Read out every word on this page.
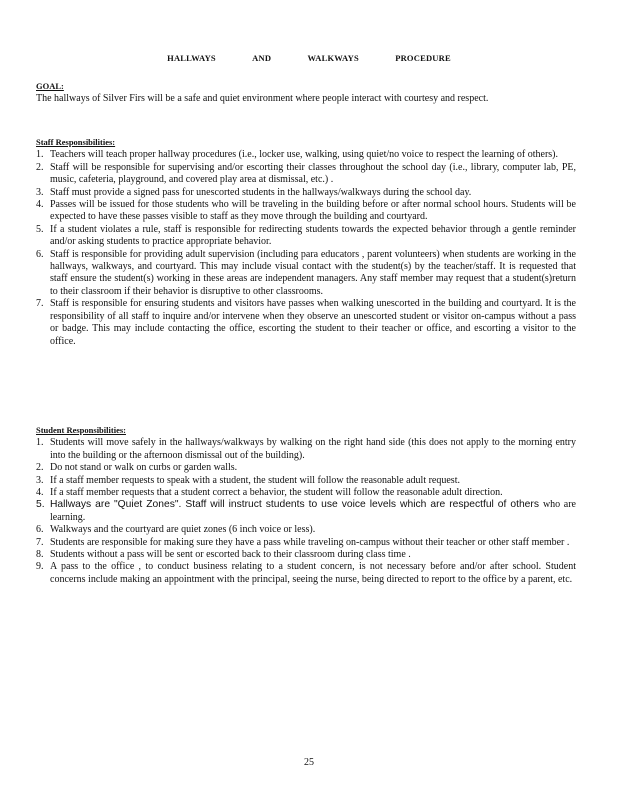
HALLWAYS	AND	WALKWAYS	PROCEDURE
GOAL:
The hallways of Silver Firs will be a safe and quiet environment where people interact with courtesy and respect.
Staff Responsibilities:
1. Teachers will teach proper hallway procedures (i.e., locker use, walking, using quiet/no voice to respect the learning of others).
2. Staff will be responsible for supervising and/or escorting their classes throughout the school day (i.e., library, computer lab, PE, music, cafeteria, playground, and covered play area at dismissal, etc.) .
3. Staff must provide a signed pass for unescorted students in the hallways/walkways during the school day.
4. Passes will be issued for those students who will be traveling in the building before or after normal school hours. Students will be expected to have these passes visible to staff as they move through the building and courtyard.
5. If a student violates a rule, staff is responsible for redirecting students towards the expected behavior through a gentle reminder and/or asking students to practice appropriate behavior.
6. Staff is responsible for providing adult supervision (including para educators , parent volunteers) when students are working in the hallways, walkways, and courtyard. This may include visual contact with the student(s) by the teacher/staff. It is requested that staff ensure the student(s) working in these areas are independent managers. Any staff member may request that a student(s)return to their classroom if their behavior is disruptive to other classrooms.
7. Staff is responsible for ensuring students and visitors have passes when walking unescorted in the building and courtyard. It is the responsibility of all staff to inquire and/or intervene when they observe an unescorted student or visitor on-campus without a pass or badge. This may include contacting the office, escorting the student to their teacher or office, and escorting a visitor to the office.
Student Responsibilities:
1. Students will move safely in the hallways/walkways by walking on the right hand side (this does not apply to the morning entry into the building or the afternoon dismissal out of the building).
2. Do not stand or walk on curbs or garden walls.
3. If a staff member requests to speak with a student, the student will follow the reasonable adult request.
4. If a staff member requests that a student correct a behavior, the student will follow the reasonable adult direction.
5. Hallways are "Quiet Zones". Staff will instruct students to use voice levels which are respectful of others who are learning.
6. Walkways and the courtyard are quiet zones (6 inch voice or less).
7. Students are responsible for making sure they have a pass while traveling on-campus without their teacher or other staff member .
8. Students without a pass will be sent or escorted back to their classroom during class time .
9. A pass to the office , to conduct business relating to a student concern, is not necessary before and/or after school. Student concerns include making an appointment with the principal, seeing the nurse, being directed to report to the office by a parent, etc.
25
